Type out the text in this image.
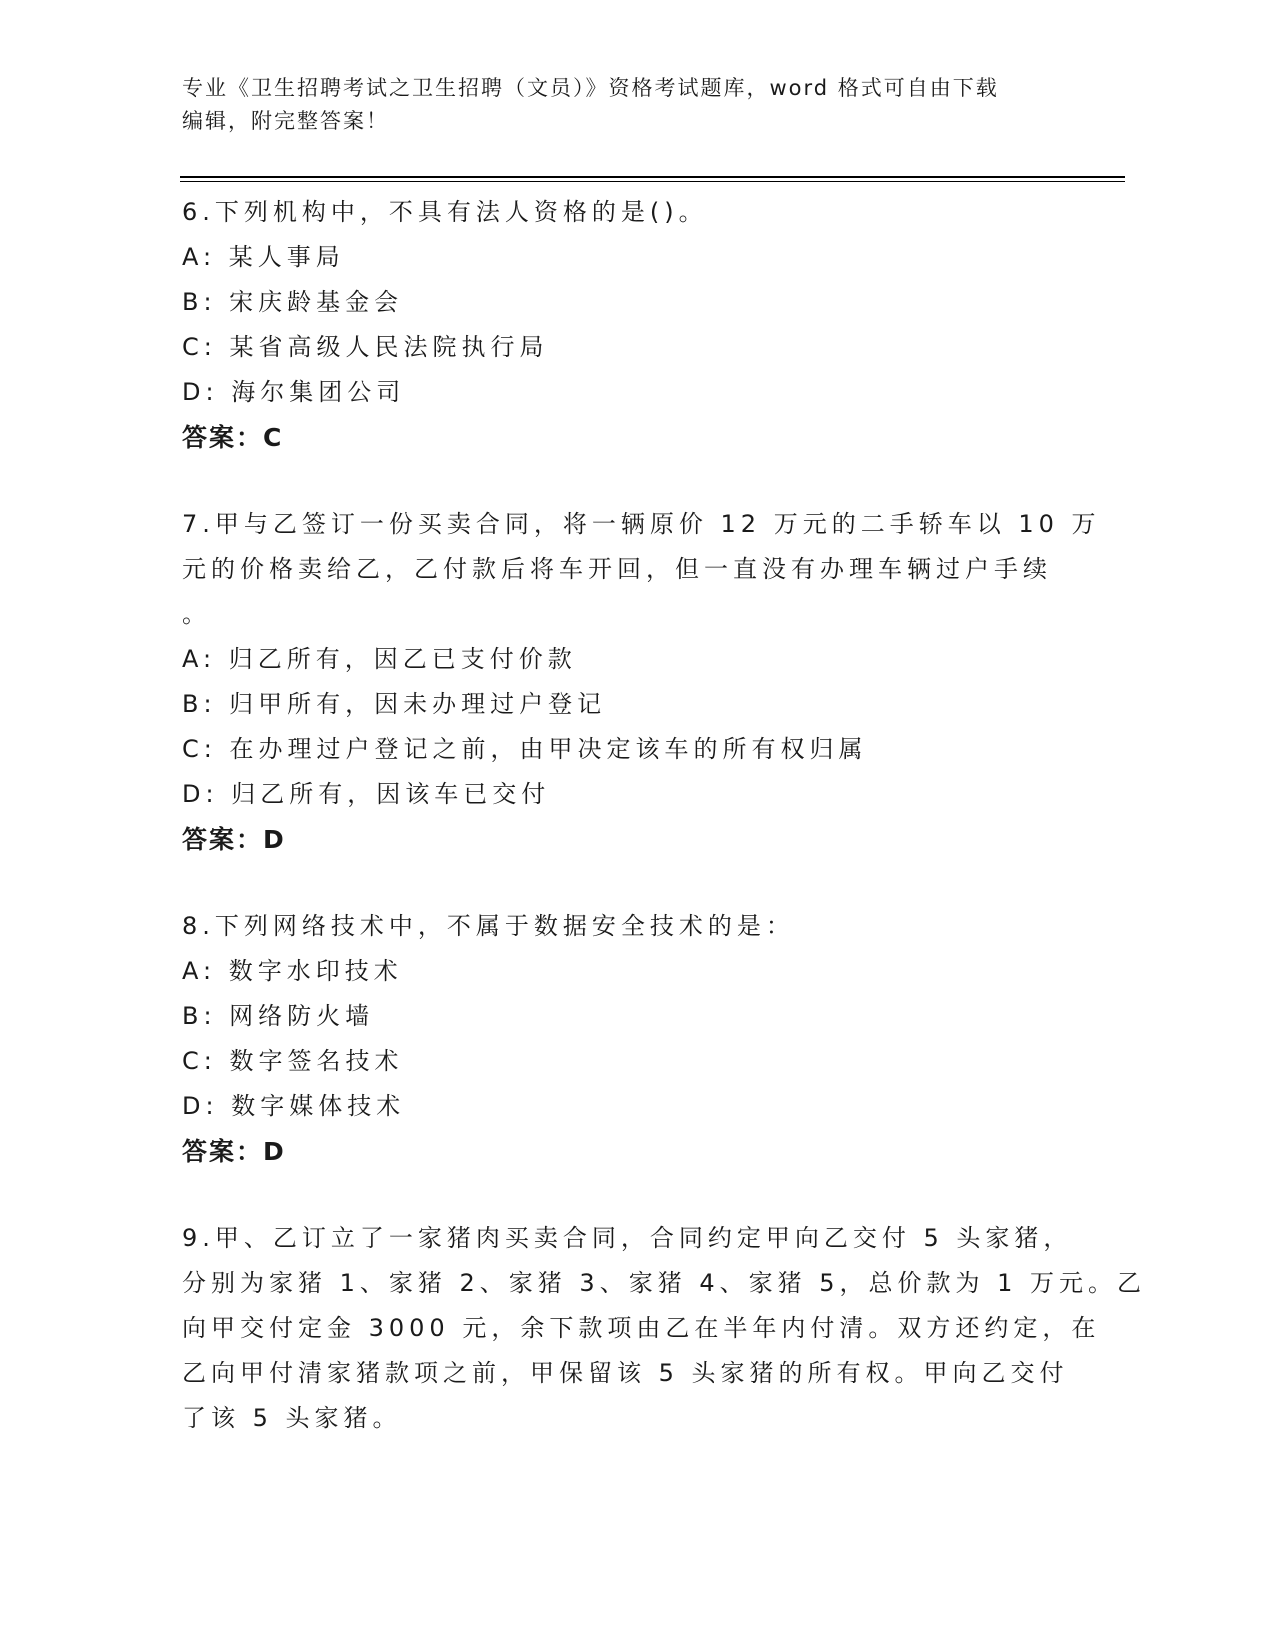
专业《卫生招聘考试之卫生招聘（文员）》资格考试题库，word 格式可自由下载
编辑，附完整答案！
6.下列机构中，不具有法人资格的是()。
A: 某人事局
B: 宋庆龄基金会
C: 某省高级人民法院执行局
D: 海尔集团公司
答案：C
7.甲与乙签订一份买卖合同，将一辆原价 12 万元的二手轿车以 10 万
元的价格卖给乙，乙付款后将车开回，但一直没有办理车辆过户手续
。
A: 归乙所有，因乙已支付价款
B: 归甲所有，因未办理过户登记
C: 在办理过户登记之前，由甲决定该车的所有权归属
D: 归乙所有，因该车已交付
答案：D
8.下列网络技术中，不属于数据安全技术的是：
A: 数字水印技术
B: 网络防火墙
C: 数字签名技术
D: 数字媒体技术
答案：D
9.甲、乙订立了一家猪肉买卖合同，合同约定甲向乙交付 5 头家猪，
分别为家猪 1、家猪 2、家猪 3、家猪 4、家猪 5，总价款为 1 万元。乙
向甲交付定金 3000 元，余下款项由乙在半年内付清。双方还约定，在
乙向甲付清家猪款项之前，甲保留该 5 头家猪的所有权。甲向乙交付
了该 5 头家猪。
